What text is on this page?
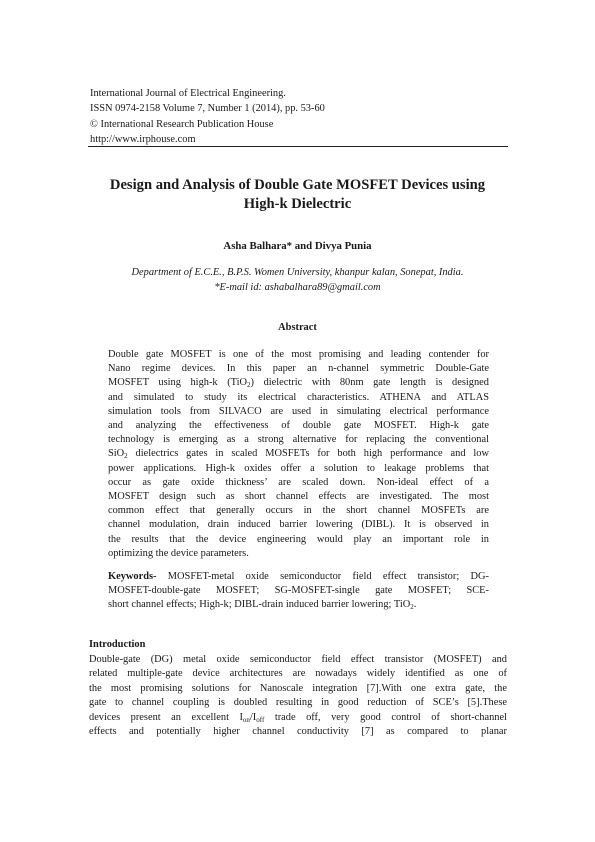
International Journal of Electrical Engineering.
ISSN 0974-2158 Volume 7, Number 1 (2014), pp. 53-60
© International Research Publication House
http://www.irphouse.com
Design and Analysis of Double Gate MOSFET Devices using
High-k Dielectric
Asha Balhara* and Divya Punia
Department of E.C.E., B.P.S. Women University, khanpur kalan, Sonepat, India.
*E-mail id: ashabalhara89@gmail.com
Abstract
Double gate MOSFET is one of the most promising and leading contender for
Nano regime devices. In this paper an n-channel symmetric Double-Gate
MOSFET using high-k (TiO$_2$) dielectric with 80nm gate length is designed
and simulated to study its electrical characteristics. ATHENA and ATLAS
simulation tools from SILVACO are used in simulating electrical performance
and analyzing the effectiveness of double gate MOSFET. High-k gate
technology is emerging as a strong alternative for replacing the conventional
SiO$_2$ dielectrics gates in scaled MOSFETs for both high performance and low
power applications. High-k oxides offer a solution to leakage problems that
occur as gate oxide thickness’ are scaled down. Non-ideal effect of a
MOSFET design such as short channel effects are investigated. The most
common effect that generally occurs in the short channel MOSFETs are
channel modulation, drain induced barrier lowering (DIBL). It is observed in
the results that the device engineering would play an important role in
optimizing the device parameters.
Keywords- MOSFET-metal oxide semiconductor field effect transistor; DG-
MOSFET-double-gate MOSFET; SG-MOSFET-single gate MOSFET; SCE-
short channel effects; High-k; DIBL-drain induced barrier lowering; TiO$_2$.
Introduction
Double-gate (DG) metal oxide semiconductor field effect transistor (MOSFET) and
related multiple-gate device architectures are nowadays widely identified as one of
the most promising solutions for Nanoscale integration [7].With one extra gate, the
gate to channel coupling is doubled resulting in good reduction of SCE’s [5].These
devices present an excellent $I_{on}/I_{off}$ trade off, very good control of short-channel
effects and potentially higher channel conductivity [7] as compared to planar
